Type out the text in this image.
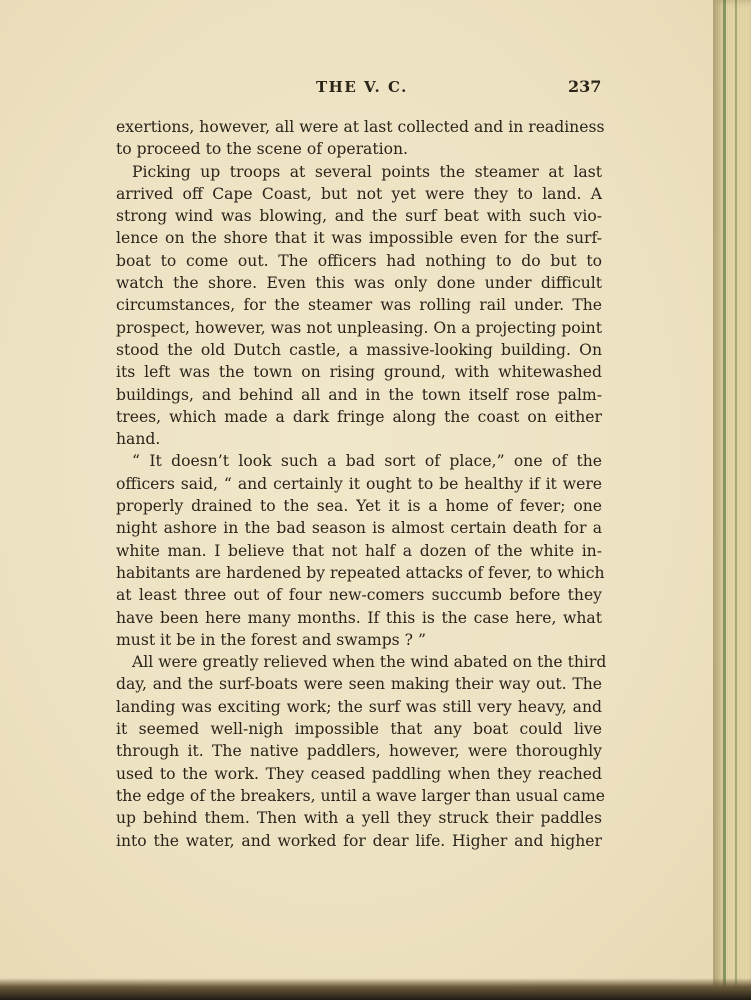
THE V. C.	237
exertions, however, all were at last collected and in readiness
to proceed to the scene of operation.
Picking up troops at several points the steamer at last
arrived off Cape Coast, but not yet were they to land. A
strong wind was blowing, and the surf beat with such vio-
lence on the shore that it was impossible even for the surf-
boat to come out. The officers had nothing to do but to
watch the shore. Even this was only done under difficult
circumstances, for the steamer was rolling rail under. The
prospect, however, was not unpleasing. On a projecting point
stood the old Dutch castle, a massive-looking building. On
its left was the town on rising ground, with whitewashed
buildings, and behind all and in the town itself rose palm-
trees, which made a dark fringe along the coast on either
hand.
“ It doesn’t look such a bad sort of place,” one of the
officers said, “ and certainly it ought to be healthy if it were
properly drained to the sea. Yet it is a home of fever; one
night ashore in the bad season is almost certain death for a
white man. I believe that not half a dozen of the white in-
habitants are hardened by repeated attacks of fever, to which
at least three out of four new-comers succumb before they
have been here many months. If this is the case here, what
must it be in the forest and swamps ? ”
All were greatly relieved when the wind abated on the third
day, and the surf-boats were seen making their way out. The
landing was exciting work; the surf was still very heavy, and
it seemed well-nigh impossible that any boat could live
through it. The native paddlers, however, were thoroughly
used to the work. They ceased paddling when they reached
the edge of the breakers, until a wave larger than usual came
up behind them. Then with a yell they struck their paddles
into the water, and worked for dear life. Higher and higher
